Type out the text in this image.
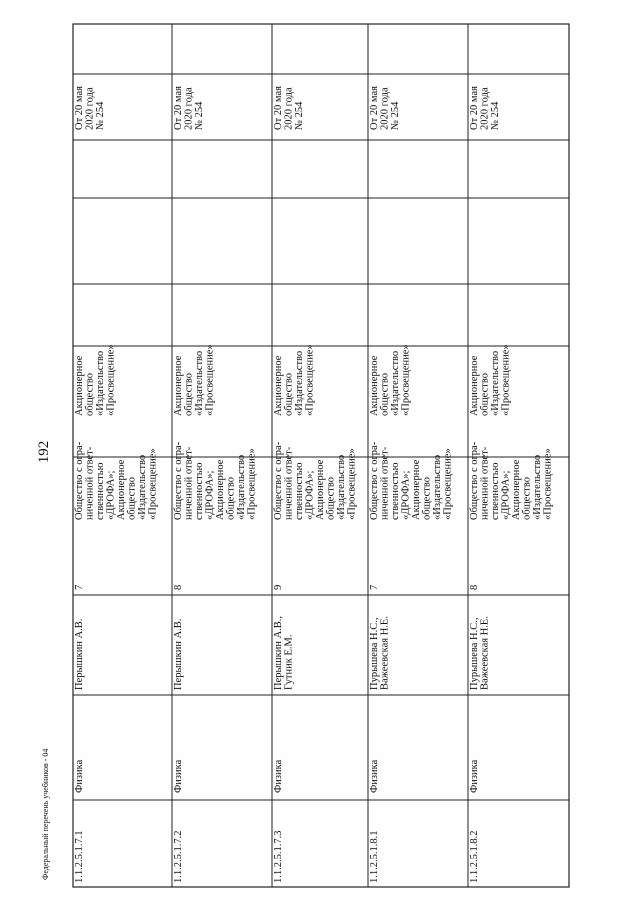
192
Федеральный перечень учебников - 04 1.1.2.5.1.7.1
Физика
Перышкин А.В.
7
Общество с огра-ниченной ответ-ственностью«ДРОФА»;Акционерноеобщество«Издательство«Просвещение»
Акционерноеобщество«Издательство«Просвещение»
От 20 мая2020 года№ 254
1.1.2.5.1.7.2
Физика
Перышкин А.В.
8
Общество с огра-ниченной ответ-ственностью«ДРОФА»;Акционерноеобщество«Издательство«Просвещение»
Акционерноеобщество«Издательство«Просвещение»
От 20 мая2020 года№ 254
1.1.2.5.1.7.3
Физика
Перышкин А.В.,Гутник Е.М.
9
Общество с огра-ниченной ответ-ственностью«ДРОФА»;Акционерноеобщество«Издательство«Просвещение»
Акционерноеобщество«Издательство«Просвещение»
От 20 мая2020 года№ 254
1.1.2.5.1.8.1
Физика
Пурышева Н.С.,Важеевская Н.Е.
7
Общество с огра-ниченной ответ-ственностью«ДРОФА»;Акционерноеобщество«Издательство«Просвещение»
Акционерноеобщество«Издательство«Просвещение»
От 20 мая2020 года№ 254
1.1.2.5.1.8.2
Физика
Пурышева Н.С.,Важеевская Н.Е.
8
Общество с огра-ниченной ответ-ственностью«ДРОФА»;Акционерноеобщество«Издательство«Просвещение»
Акционерноеобщество«Издательство«Просвещение»
От 20 мая2020 года№ 254
